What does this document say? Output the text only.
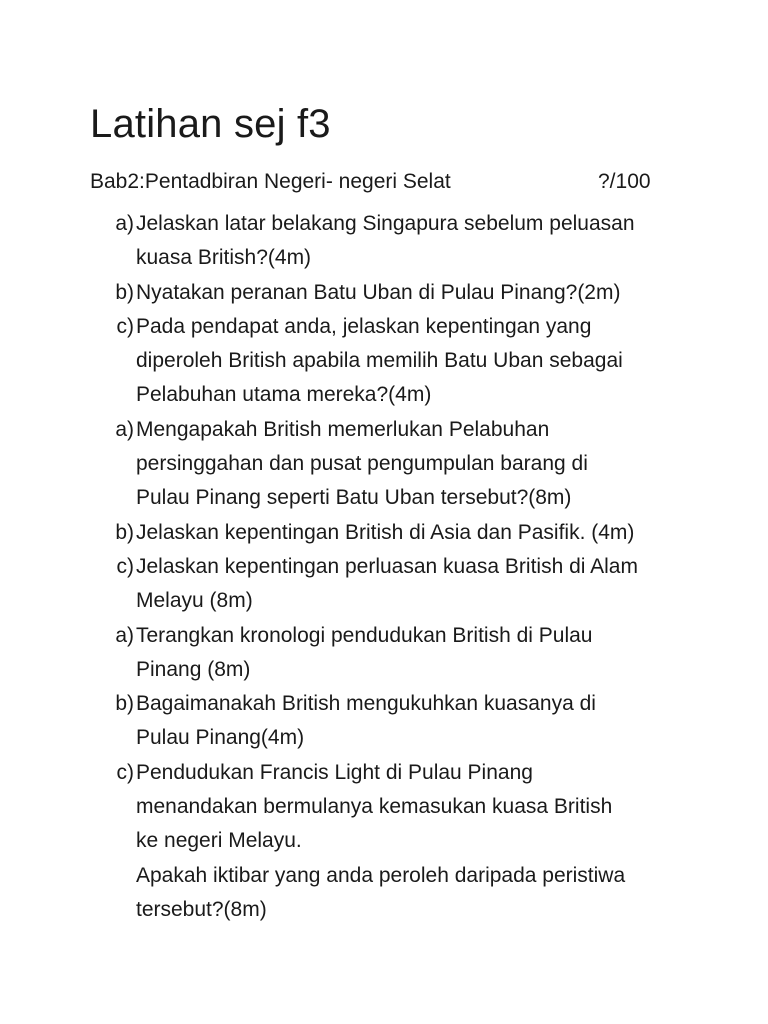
Latihan sej f3
Bab2:Pentadbiran Negeri- negeri Selat	?/100
a) Jelaskan latar belakang Singapura sebelum peluasan
kuasa British?(4m)
b) Nyatakan peranan Batu Uban di Pulau Pinang?(2m)
c) Pada pendapat anda, jelaskan kepentingan yang
diperoleh British apabila memilih Batu Uban sebagai
Pelabuhan utama mereka?(4m)
a) Mengapakah British memerlukan Pelabuhan
persinggahan dan pusat pengumpulan barang di
Pulau Pinang seperti Batu Uban tersebut?(8m)
b) Jelaskan kepentingan British di Asia dan Pasifik. (4m)
c) Jelaskan kepentingan perluasan kuasa British di Alam
Melayu (8m)
a) Terangkan kronologi pendudukan British di Pulau
Pinang (8m)
b) Bagaimanakah British mengukuhkan kuasanya di
Pulau Pinang(4m)
c) Pendudukan Francis Light di Pulau Pinang
menandakan bermulanya kemasukan kuasa British
ke negeri Melayu.
Apakah iktibar yang anda peroleh daripada peristiwa
tersebut?(8m)
